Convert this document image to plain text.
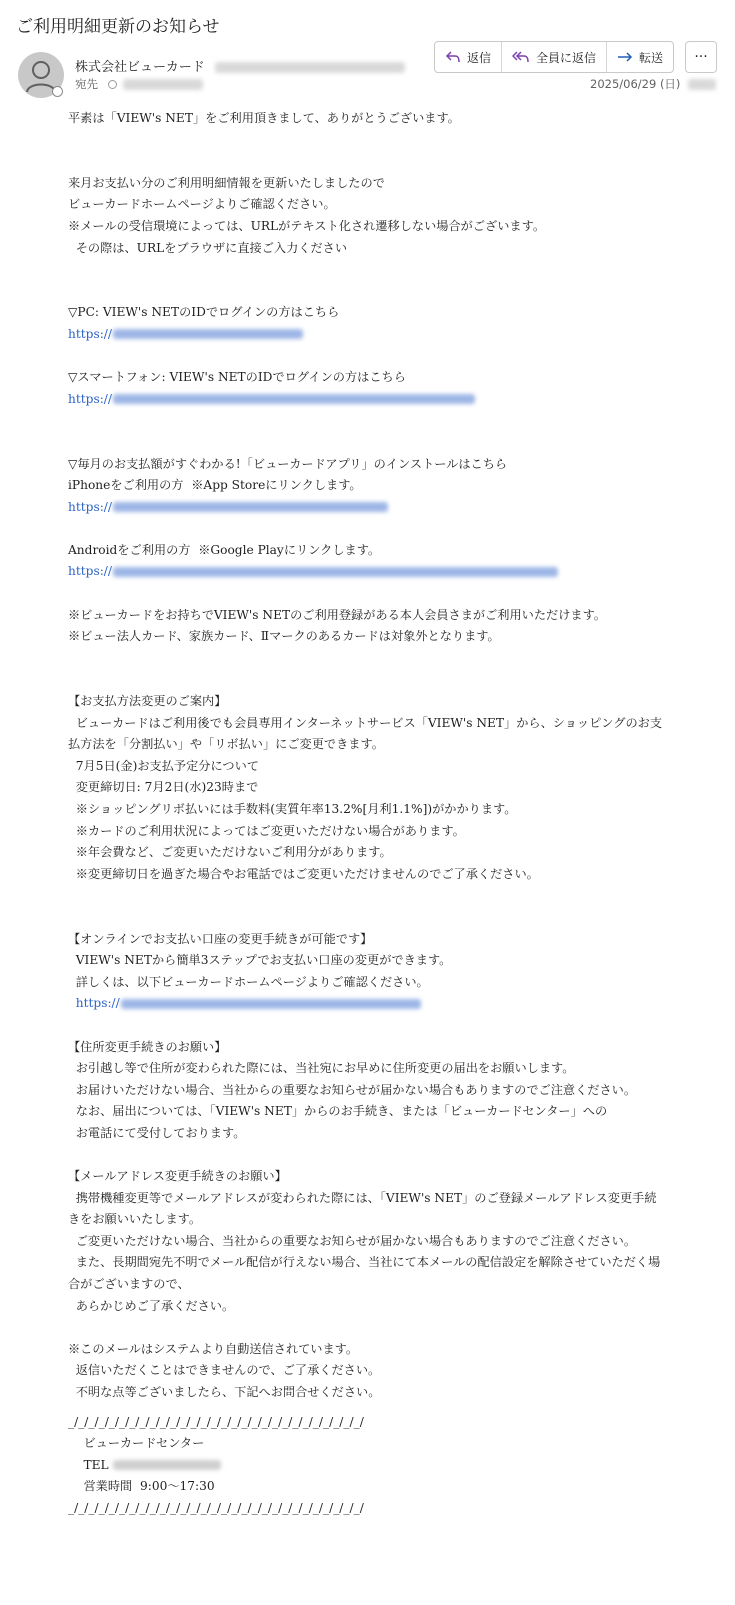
ご利用明細更新のお知らせ
株式会社ビューカード
宛先
返信	全員に返信	転送	···
2025/06/29 (日)
平素は「VIEW's NET」をご利用頂きまして、ありがとうございます。
来月お支払い分のご利用明細情報を更新いたしましたので
ビューカードホームページよりご確認ください。
※メールの受信環境によっては、URLがテキスト化され遷移しない場合がございます。
その際は、URLをブラウザに直接ご入力ください
▽PC: VIEW's NETのIDでログインの方はこちら
https://
▽スマートフォン: VIEW's NETのIDでログインの方はこちら
https://
▽毎月のお支払額がすぐわかる!「ビューカードアプリ」のインストールはこちら
iPhoneをご利用の方  ※App Storeにリンクします。
https://
Androidをご利用の方  ※Google Playにリンクします。
https://
※ビューカードをお持ちでVIEW's NETのご利用登録がある本人会員さまがご利用いただけます。
※ビュー法人カード、家族カード、Ⅱマークのあるカードは対象外となります。
【お支払方法変更のご案内】
ビューカードはご利用後でも会員専用インターネットサービス「VIEW's NET」から、ショッピングのお支払方法を「分割払い」や「リボ払い」にご変更できます。
7月5日(金)お支払予定分について
変更締切日: 7月2日(水)23時まで
※ショッピングリボ払いには手数料(実質年率13.2%[月利1.1%])がかかります。
※カードのご利用状況によってはご変更いただけない場合があります。
※年会費など、ご変更いただけないご利用分があります。
※変更締切日を過ぎた場合やお電話ではご変更いただけませんのでご了承ください。
【オンラインでお支払い口座の変更手続きが可能です】
VIEW's NETから簡単3ステップでお支払い口座の変更ができます。
詳しくは、以下ビューカードホームページよりご確認ください。
https://
【住所変更手続きのお願い】
お引越し等で住所が変わられた際には、当社宛にお早めに住所変更の届出をお願いします。
お届けいただけない場合、当社からの重要なお知らせが届かない場合もありますのでご注意ください。
なお、届出については、「VIEW's NET」からのお手続き、または「ビューカードセンター」への
お電話にて受付しております。
【メールアドレス変更手続きのお願い】
携帯機種変更等でメールアドレスが変わられた際には、「VIEW's NET」のご登録メールアドレス変更手続きをお願いいたします。
ご変更いただけない場合、当社からの重要なお知らせが届かない場合もありますのでご注意ください。
また、長期間宛先不明でメール配信が行えない場合、当社にて本メールの配信設定を解除させていただく場合がございますので、
あらかじめご了承ください。
※このメールはシステムより自動送信されています。
返信いただくことはできませんので、ご了承ください。
不明な点等ございましたら、下記へお問合せください。
_/_/_/_/_/_/_/_/_/_/_/_/_/_/_/_/_/_/_/_/_/_/_/_/_/_/_/_/_/
ビューカードセンター
TEL
営業時間  9:00〜17:30
_/_/_/_/_/_/_/_/_/_/_/_/_/_/_/_/_/_/_/_/_/_/_/_/_/_/_/_/_/
